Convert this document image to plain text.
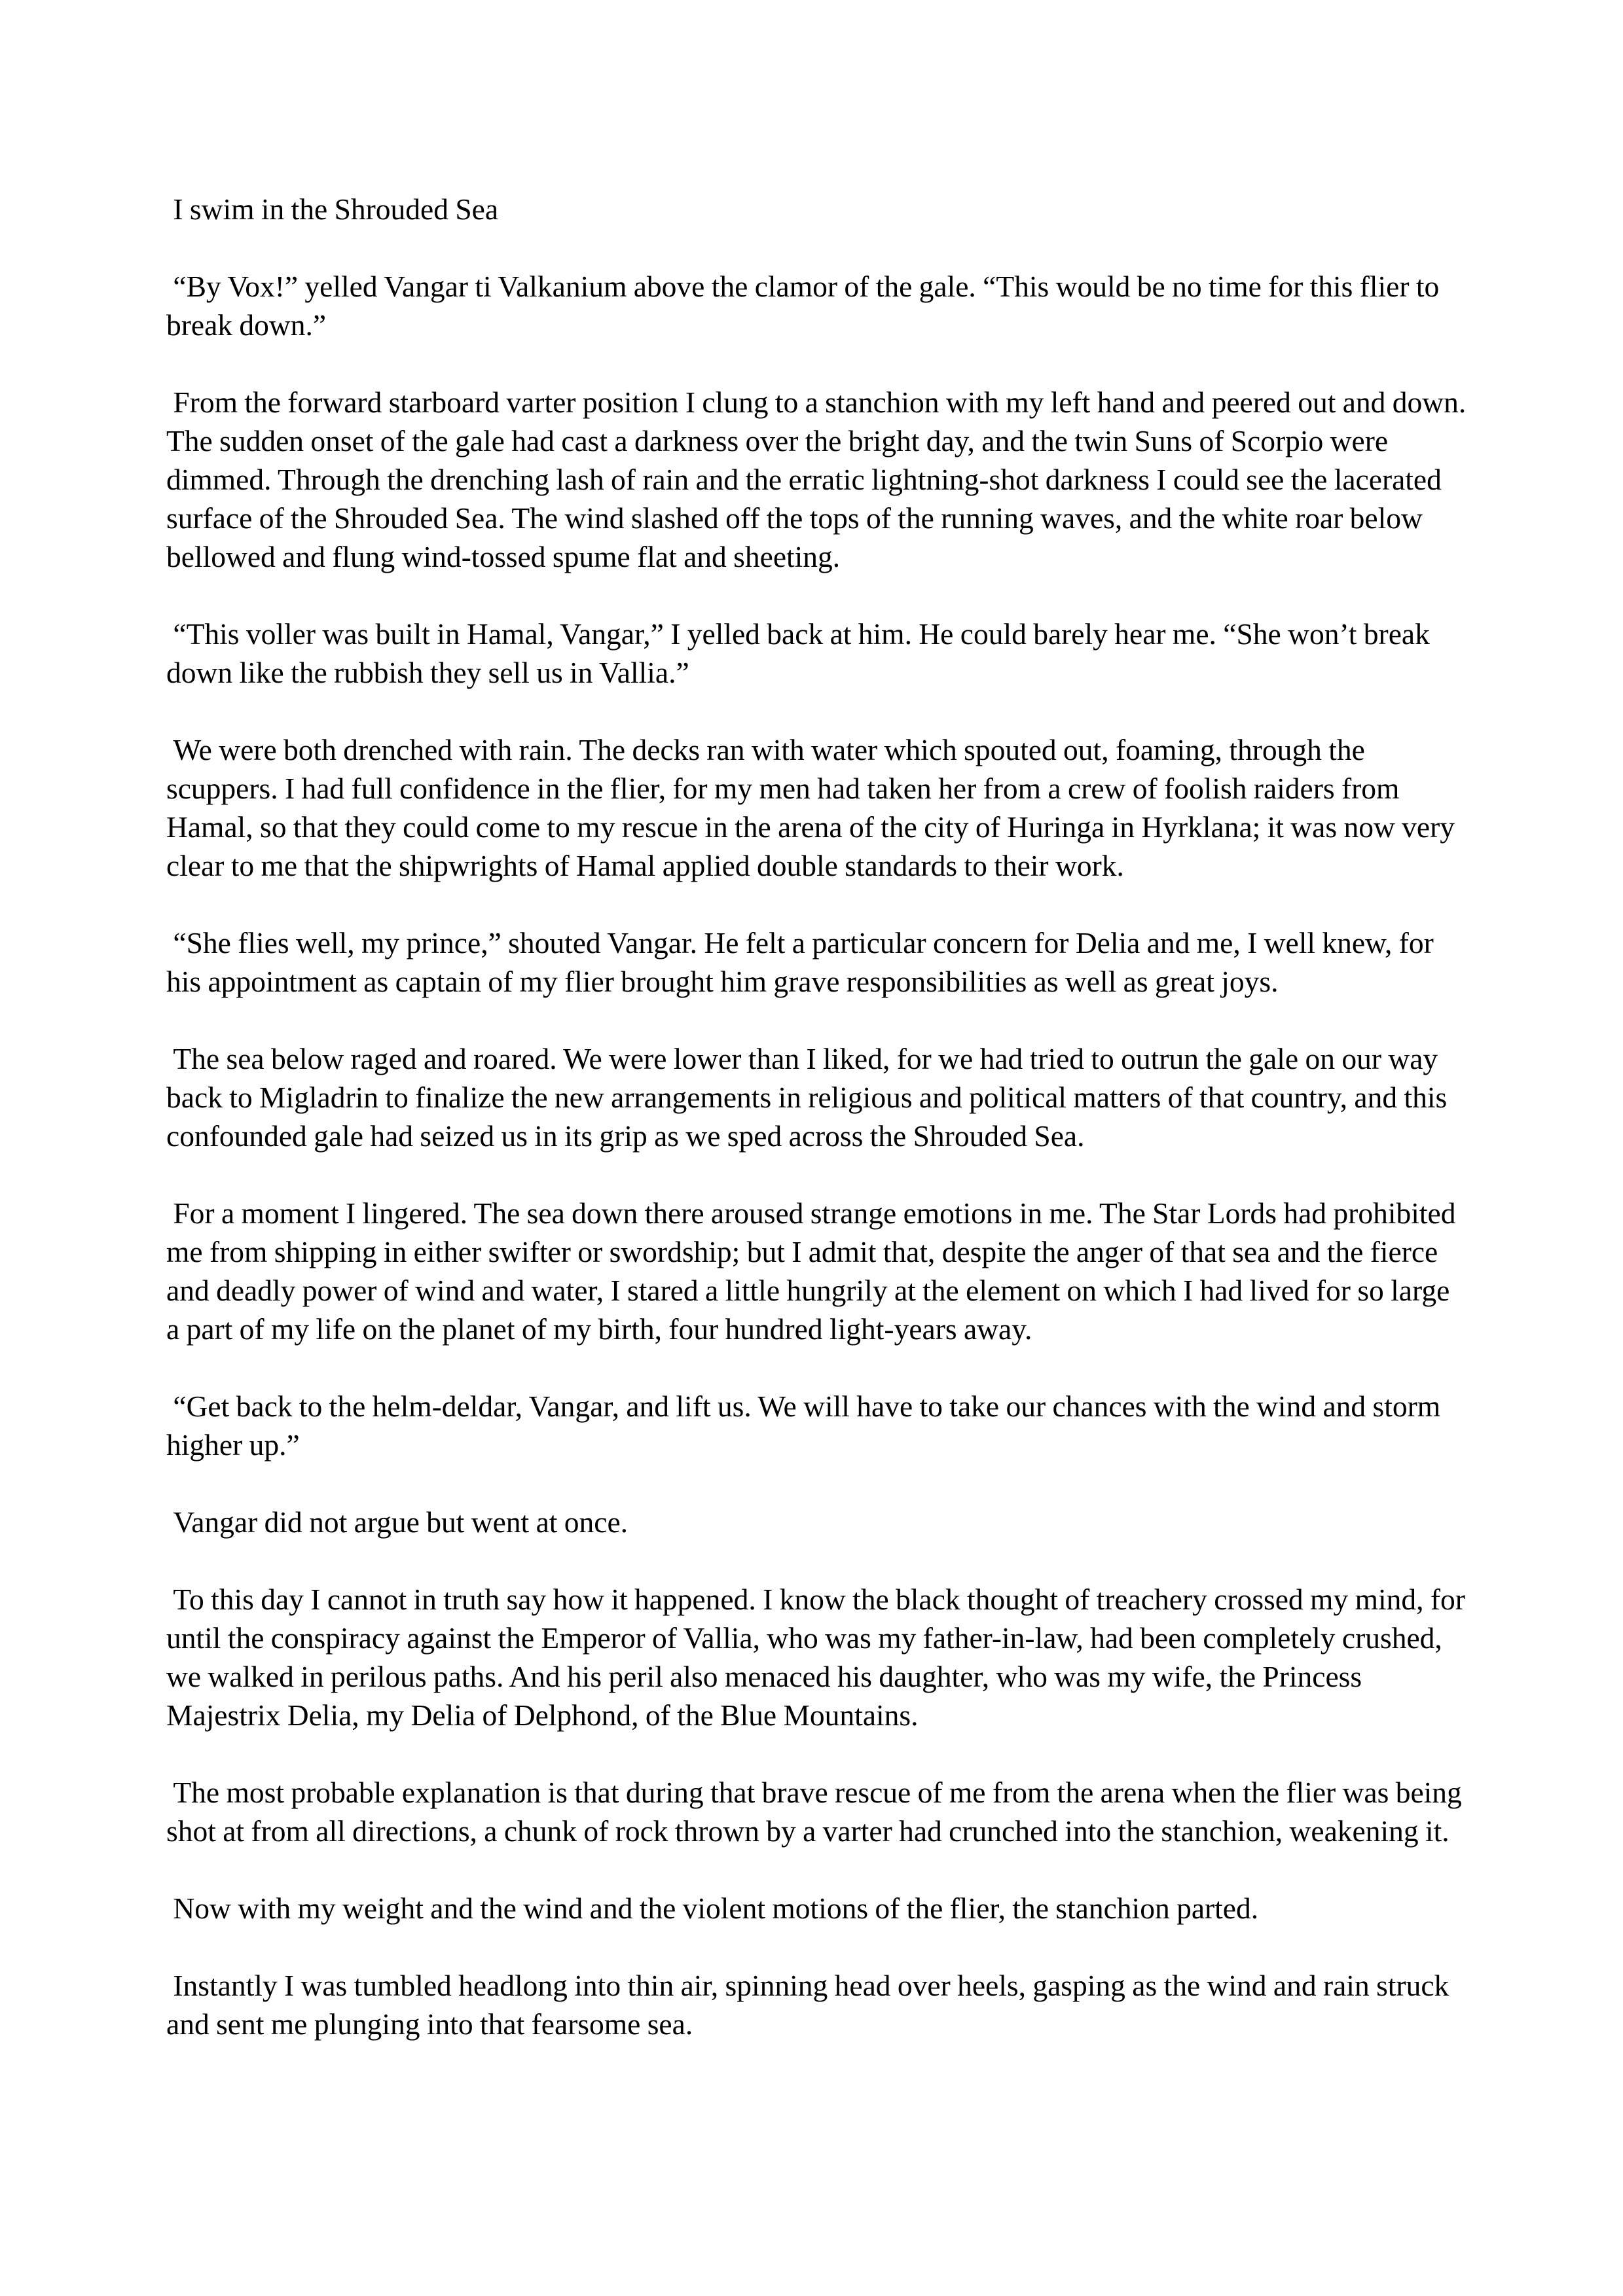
I swim in the Shrouded Sea

“By Vox!” yelled Vangar ti Valkanium above the clamor of the gale. “This would be no time for this flier to break down.”

From the forward starboard varter position I clung to a stanchion with my left hand and peered out and down. The sudden onset of the gale had cast a darkness over the bright day, and the twin Suns of Scorpio were dimmed. Through the drenching lash of rain and the erratic lightning-shot darkness I could see the lacerated surface of the Shrouded Sea. The wind slashed off the tops of the running waves, and the white roar below bellowed and flung wind-tossed spume flat and sheeting.

“This voller was built in Hamal, Vangar,” I yelled back at him. He could barely hear me. “She won’t break down like the rubbish they sell us in Vallia.”

We were both drenched with rain. The decks ran with water which spouted out, foaming, through the scuppers. I had full confidence in the flier, for my men had taken her from a crew of foolish raiders from Hamal, so that they could come to my rescue in the arena of the city of Huringa in Hyrklana; it was now very clear to me that the shipwrights of Hamal applied double standards to their work.

“She flies well, my prince,” shouted Vangar. He felt a particular concern for Delia and me, I well knew, for his appointment as captain of my flier brought him grave responsibilities as well as great joys.

The sea below raged and roared. We were lower than I liked, for we had tried to outrun the gale on our way back to Migladrin to finalize the new arrangements in religious and political matters of that country, and this confounded gale had seized us in its grip as we sped across the Shrouded Sea.

For a moment I lingered. The sea down there aroused strange emotions in me. The Star Lords had prohibited me from shipping in either swifter or swordship; but I admit that, despite the anger of that sea and the fierce and deadly power of wind and water, I stared a little hungrily at the element on which I had lived for so large a part of my life on the planet of my birth, four hundred light-years away.

“Get back to the helm-deldar, Vangar, and lift us. We will have to take our chances with the wind and storm higher up.”

Vangar did not argue but went at once.

To this day I cannot in truth say how it happened. I know the black thought of treachery crossed my mind, for until the conspiracy against the Emperor of Vallia, who was my father-in-law, had been completely crushed, we walked in perilous paths. And his peril also menaced his daughter, who was my wife, the Princess Majestrix Delia, my Delia of Delphond, of the Blue Mountains.

The most probable explanation is that during that brave rescue of me from the arena when the flier was being shot at from all directions, a chunk of rock thrown by a varter had crunched into the stanchion, weakening it.

Now with my weight and the wind and the violent motions of the flier, the stanchion parted.

Instantly I was tumbled headlong into thin air, spinning head over heels, gasping as the wind and rain struck and sent me plunging into that fearsome sea.
